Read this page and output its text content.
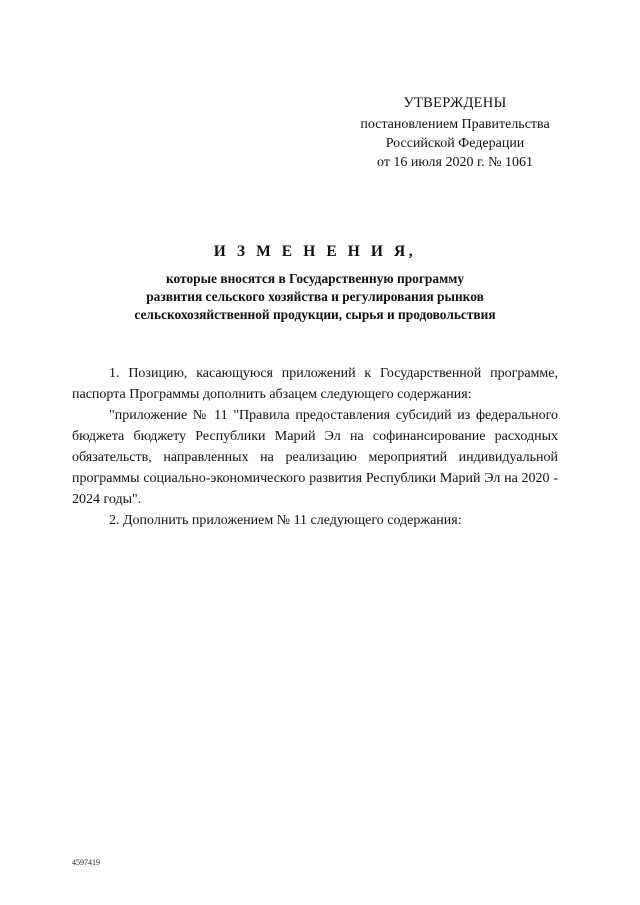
УТВЕРЖДЕНЫ
постановлением Правительства
Российской Федерации
от 16 июля 2020 г. № 1061
И З М Е Н Е Н И Я,
которые вносятся в Государственную программу
развития сельского хозяйства и регулирования рынков
сельскохозяйственной продукции, сырья и продовольствия

1. Позицию, касающуюся приложений к Государственной программе, паспорта Программы дополнить абзацем следующего содержания:

"приложение № 11 "Правила предоставления субсидий из федерального бюджета бюджету Республики Марий Эл на софинансирование расходных обязательств, направленных на реализацию мероприятий индивидуальной программы социально-экономического развития Республики Марий Эл на 2020 - 2024 годы".

2. Дополнить приложением № 11 следующего содержания:

4597419
